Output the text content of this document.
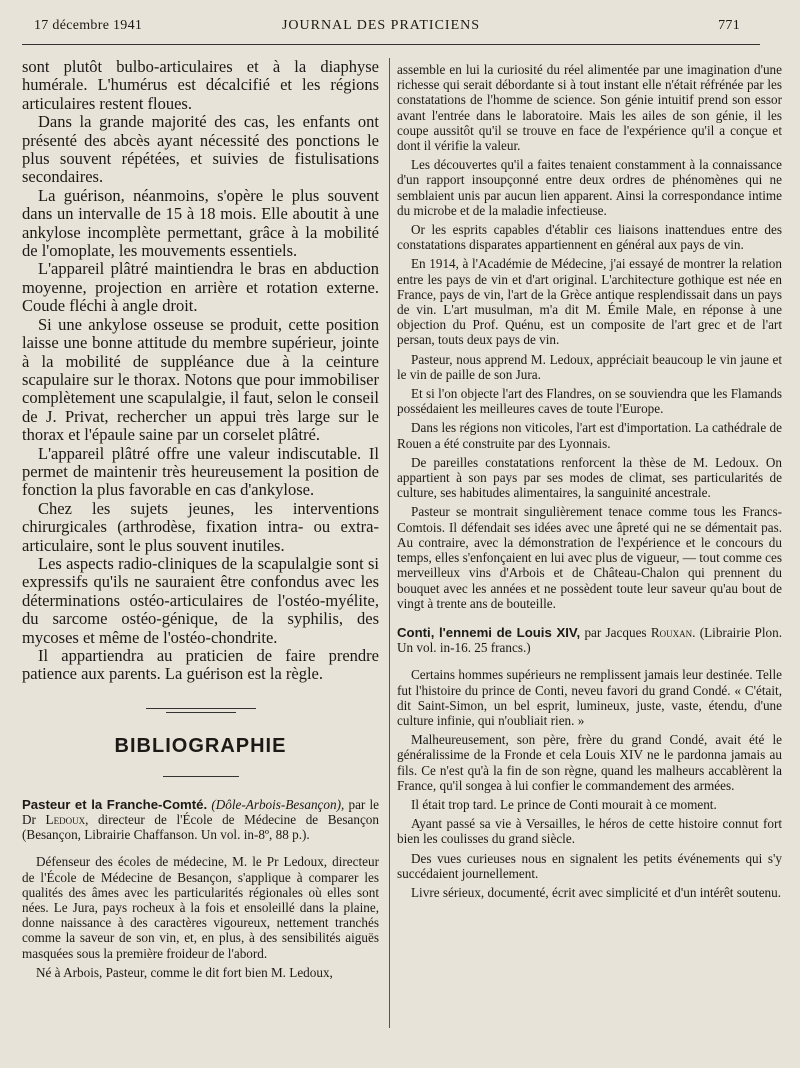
17 décembre 1941	JOURNAL DES PRATICIENS	771

sont plutôt bulbo-articulaires et à la diaphyse humérale. L'humérus est décalcifié et les régions articulaires restent floues.

Dans la grande majorité des cas, les enfants ont présenté des abcès ayant nécessité des ponctions le plus souvent répétées, et suivies de fistulisations secondaires.

La guérison, néanmoins, s'opère le plus souvent dans un intervalle de 15 à 18 mois. Elle aboutit à une ankylose incomplète permettant, grâce à la mobilité de l'omoplate, les mouvements essentiels.

L'appareil plâtré maintiendra le bras en abduction moyenne, projection en arrière et rotation externe. Coude fléchi à angle droit.

Si une ankylose osseuse se produit, cette position laisse une bonne attitude du membre supérieur, jointe à la mobilité de suppléance due à la ceinture scapulaire sur le thorax. Notons que pour immobiliser complètement une scapulalgie, il faut, selon le conseil de J. Privat, rechercher un appui très large sur le thorax et l'épaule saine par un corselet plâtré.

L'appareil plâtré offre une valeur indiscutable. Il permet de maintenir très heureusement la position de fonction la plus favorable en cas d'ankylose.

Chez les sujets jeunes, les interventions chirurgicales (arthrodèse, fixation intra- ou extra- articulaire, sont le plus souvent inutiles.

Les aspects radio-cliniques de la scapulalgie sont si expressifs qu'ils ne sauraient être confondus avec les déterminations ostéo-articulaires de l'ostéo-myélite, du sarcome ostéo-génique, de la syphilis, des mycoses et même de l'ostéo-chondrite.

Il appartiendra au praticien de faire prendre patience aux parents. La guérison est la règle.

BIBLIOGRAPHIE
Pasteur et la Franche-Comté. (Dôle-Arbois-Besançon), par le Dr Ledoux, directeur de l'École de Médecine de Besançon (Besançon, Librairie Chaffanson. Un vol. in-8º, 88 p.).

Défenseur des écoles de médecine, M. le Pr Ledoux, directeur de l'École de Médecine de Besançon, s'applique à comparer les qualités des âmes avec les particularités régionales où elles sont nées. Le Jura, pays rocheux à la fois et ensoleillé dans la plaine, donne naissance à des caractères vigoureux, nettement tranchés comme la saveur de son vin, et, en plus, à des sensibilités aiguës masquées sous la première froideur de l'abord.

Né à Arbois, Pasteur, comme le dit fort bien M. Ledoux,

assemble en lui la curiosité du réel alimentée par une imagination d'une richesse qui serait débordante si à tout instant elle n'était réfrénée par les constatations de l'homme de science. Son génie intuitif prend son essor avant l'entrée dans le laboratoire. Mais les ailes de son génie, il les coupe aussitôt qu'il se trouve en face de l'expérience qu'il a conçue et dont il vérifie la valeur.

Les découvertes qu'il a faites tenaient constamment à la connaissance d'un rapport insoupçonné entre deux ordres de phénomènes qui ne semblaient unis par aucun lien apparent. Ainsi la correspondance intime du microbe et de la maladie infectieuse.

Or les esprits capables d'établir ces liaisons inattendues entre des constatations disparates appartiennent en général aux pays de vin.

En 1914, à l'Académie de Médecine, j'ai essayé de montrer la relation entre les pays de vin et d'art original. L'architecture gothique est née en France, pays de vin, l'art de la Grèce antique resplendissait dans un pays de vin. L'art musulman, m'a dit M. Émile Male, en réponse à une objection du Prof. Quénu, est un composite de l'art grec et de l'art persan, touts deux pays de vin.

Pasteur, nous apprend M. Ledoux, appréciait beaucoup le vin jaune et le vin de paille de son Jura.

Et si l'on objecte l'art des Flandres, on se souviendra que les Flamands possédaient les meilleures caves de toute l'Europe.

Dans les régions non viticoles, l'art est d'importation. La cathédrale de Rouen a été construite par des Lyonnais.

De pareilles constatations renforcent la thèse de M. Ledoux. On appartient à son pays par ses modes de climat, ses particularités de culture, ses habitudes alimentaires, la sanguinité ancestrale.

Pasteur se montrait singulièrement tenace comme tous les Francs-Comtois. Il défendait ses idées avec une âpreté qui ne se démentait pas. Au contraire, avec la démonstration de l'expérience et le concours du temps, elles s'enfonçaient en lui avec plus de vigueur, — tout comme ces merveilleux vins d'Arbois et de Château-Chalon qui prennent du bouquet avec les années et ne possèdent toute leur saveur qu'au bout de vingt à trente ans de bouteille.

Conti, l'ennemi de Louis XIV, par Jacques Rouxan. (Librairie Plon. Un vol. in-16. 25 francs.)

Certains hommes supérieurs ne remplissent jamais leur destinée. Telle fut l'histoire du prince de Conti, neveu favori du grand Condé. « C'était, dit Saint-Simon, un bel esprit, lumineux, juste, vaste, étendu, d'une culture infinie, qui n'oubliait rien. »

Malheureusement, son père, frère du grand Condé, avait été le généralissime de la Fronde et cela Louis XIV ne le pardonna jamais au fils. Ce n'est qu'à la fin de son règne, quand les malheurs accablèrent la France, qu'il songea à lui confier le commandement des armées.

Il était trop tard. Le prince de Conti mourait à ce moment.

Ayant passé sa vie à Versailles, le héros de cette histoire connut fort bien les coulisses du grand siècle.

Des vues curieuses nous en signalent les petits événements qui s'y succédaient journellement.

Livre sérieux, documenté, écrit avec simplicité et d'un intérêt soutenu.
